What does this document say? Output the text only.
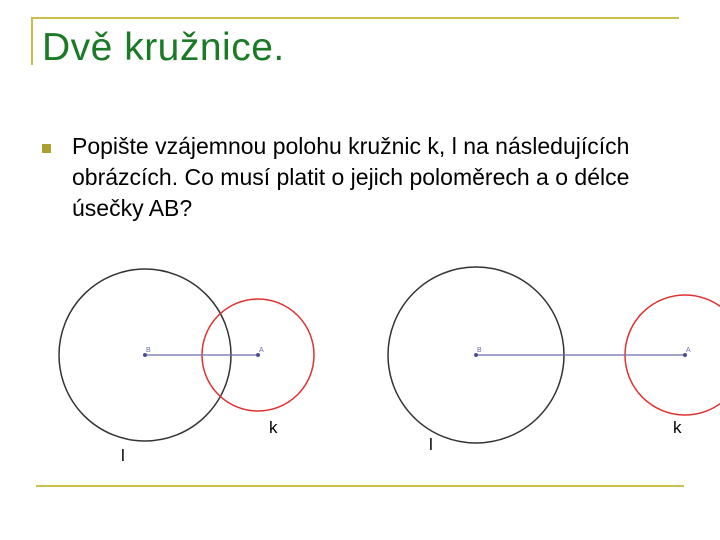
Dvě kružnice.
Popište vzájemnou polohu kružnic k, l na následujících obrázcích. Co musí platit o jejich poloměrech a o délce úsečky AB?
B	A
l
k
B	A
l
k
